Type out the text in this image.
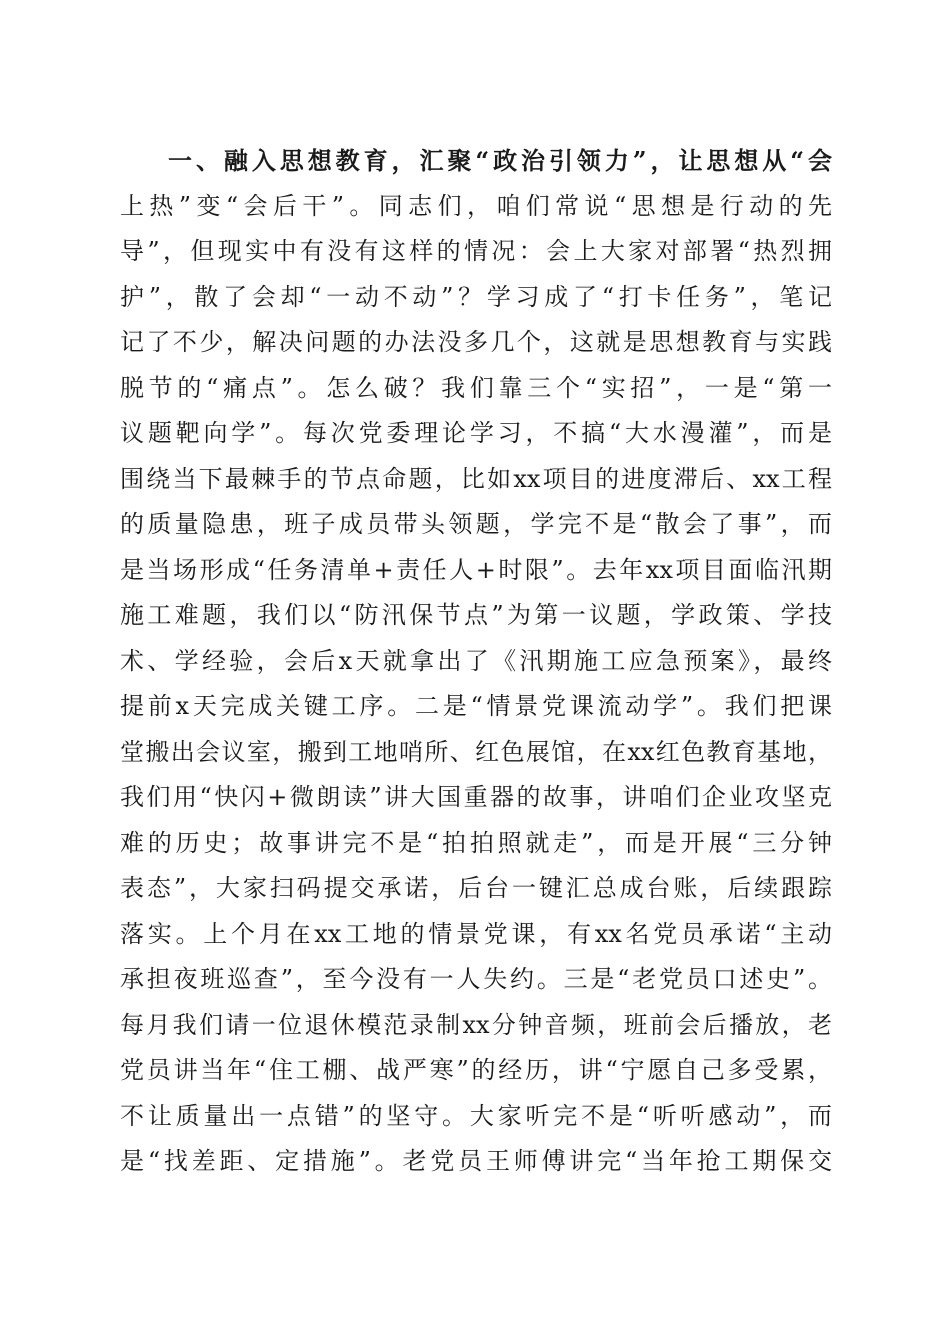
一、融入思想教育，汇聚“政治引领力”，让思想从“会
上热”变“会后干”。同志们，咱们常说“思想是行动的先
导”，但现实中有没有这样的情况：会上大家对部署“热烈拥
护”，散了会却“一动不动”？学习成了“打卡任务”，笔记
记了不少，解决问题的办法没多几个，这就是思想教育与实践
脱节的“痛点”。怎么破？我们靠三个“实招”，一是“第一
议题靶向学”。每次党委理论学习，不搞“大水漫灌”，而是
围绕当下最棘手的节点命题，比如xx项目的进度滞后、xx工程
的质量隐患，班子成员带头领题，学完不是“散会了事”，而
是当场形成“任务清单+责任人+时限”。去年xx项目面临汛期
施工难题，我们以“防汛保节点”为第一议题，学政策、学技
术、学经验，会后x天就拿出了《汛期施工应急预案》，最终
提前x天完成关键工序。二是“情景党课流动学”。我们把课
堂搬出会议室，搬到工地哨所、红色展馆，在xx红色教育基地，
我们用“快闪+微朗读”讲大国重器的故事，讲咱们企业攻坚克
难的历史；故事讲完不是“拍拍照就走”，而是开展“三分钟
表态”，大家扫码提交承诺，后台一键汇总成台账，后续跟踪
落实。上个月在xx工地的情景党课，有xx名党员承诺“主动
承担夜班巡查”，至今没有一人失约。三是“老党员口述史”。
每月我们请一位退休模范录制xx分钟音频，班前会后播放，老
党员讲当年“住工棚、战严寒”的经历，讲“宁愿自己多受累，
不让质量出一点错”的坚守。大家听完不是“听听感动”，而
是“找差距、定措施”。老党员王师傅讲完“当年抢工期保交
